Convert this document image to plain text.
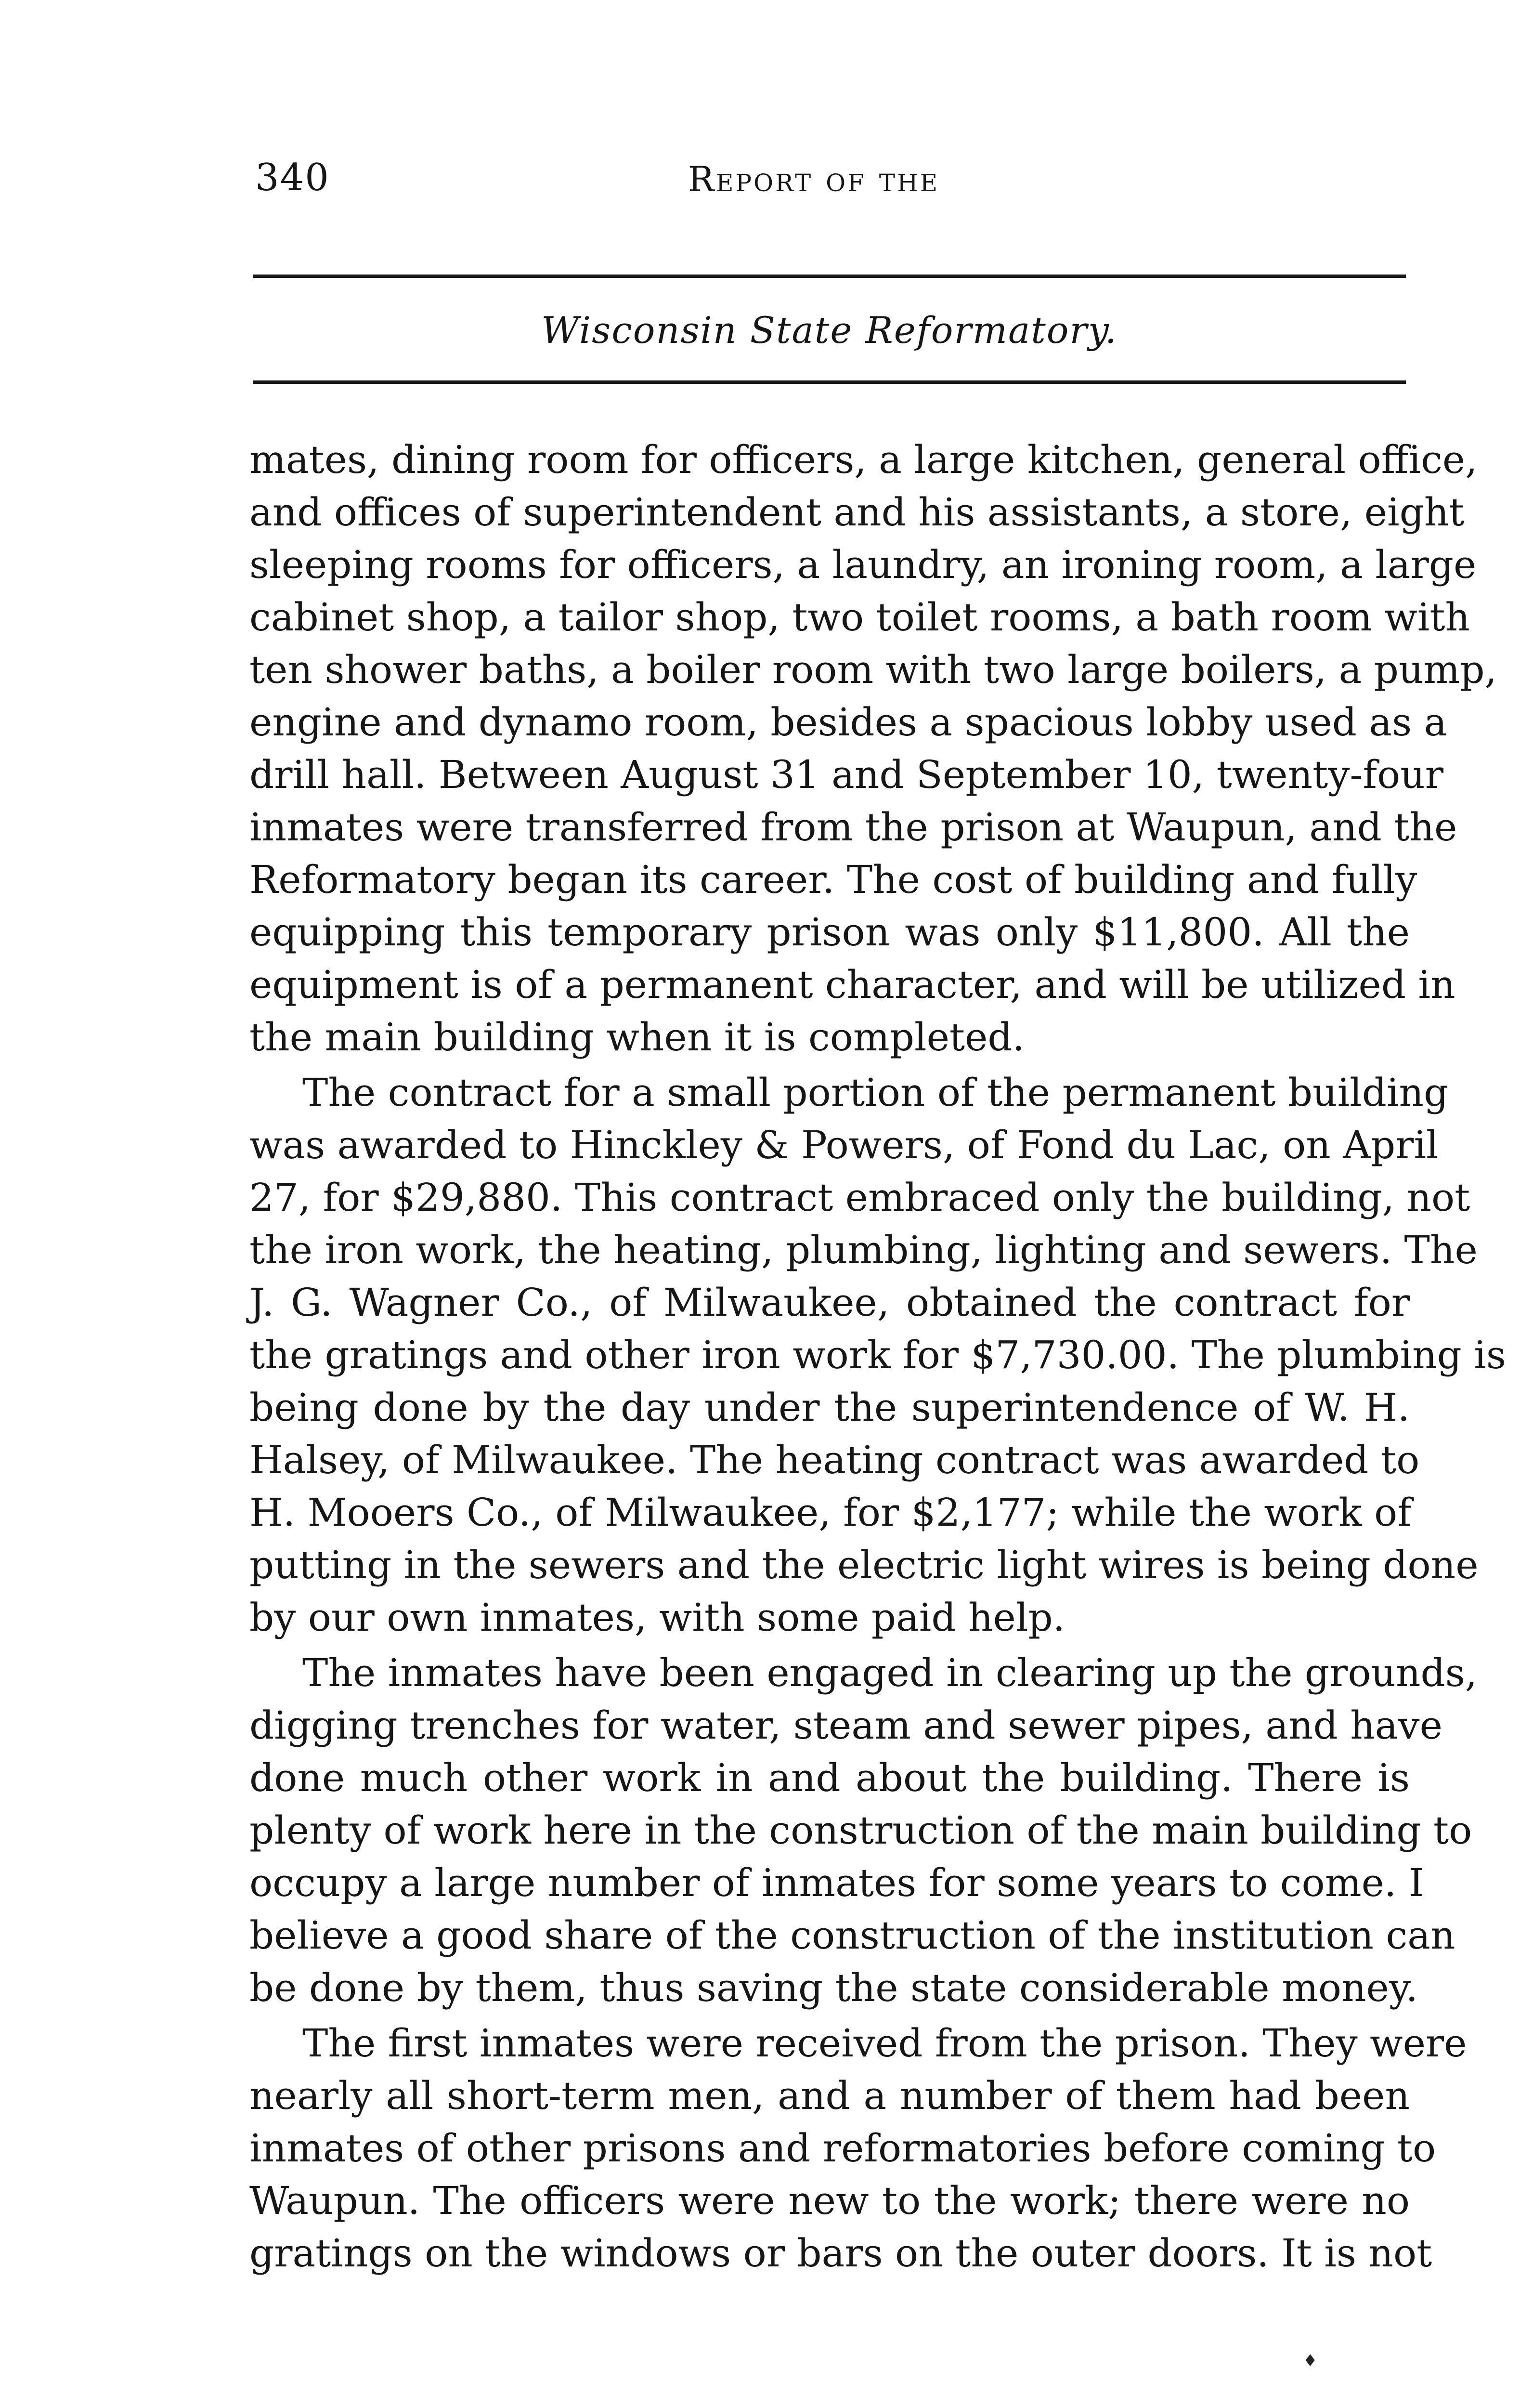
340	Report of the
Wisconsin State Reformatory.
mates, dining room for officers, a large kitchen, general office,
and offices of superintendent and his assistants, a store, eight
sleeping rooms for officers, a laundry, an ironing room, a large
cabinet shop, a tailor shop, two toilet rooms, a bath room with
ten shower baths, a boiler room with two large boilers, a pump,
engine and dynamo room, besides a spacious lobby used as a
drill hall. Between August 31 and September 10, twenty-four
inmates were transferred from the prison at Waupun, and the
Reformatory began its career. The cost of building and fully
equipping this temporary prison was only $11,800. All the
equipment is of a permanent character, and will be utilized in
the main building when it is completed.
The contract for a small portion of the permanent building
was awarded to Hinckley & Powers, of Fond du Lac, on April
27, for $29,880. This contract embraced only the building, not
the iron work, the heating, plumbing, lighting and sewers. The
J. G. Wagner Co., of Milwaukee, obtained the contract for
the gratings and other iron work for $7,730.00. The plumbing is
being done by the day under the superintendence of W. H.
Halsey, of Milwaukee. The heating contract was awarded to
H. Mooers Co., of Milwaukee, for $2,177; while the work of
putting in the sewers and the electric light wires is being done
by our own inmates, with some paid help.
The inmates have been engaged in clearing up the grounds,
digging trenches for water, steam and sewer pipes, and have
done much other work in and about the building. There is
plenty of work here in the construction of the main building to
occupy a large number of inmates for some years to come. I
believe a good share of the construction of the institution can
be done by them, thus saving the state considerable money.
The first inmates were received from the prison. They were
nearly all short-term men, and a number of them had been
inmates of other prisons and reformatories before coming to
Waupun. The officers were new to the work; there were no
gratings on the windows or bars on the outer doors. It is not
♦
